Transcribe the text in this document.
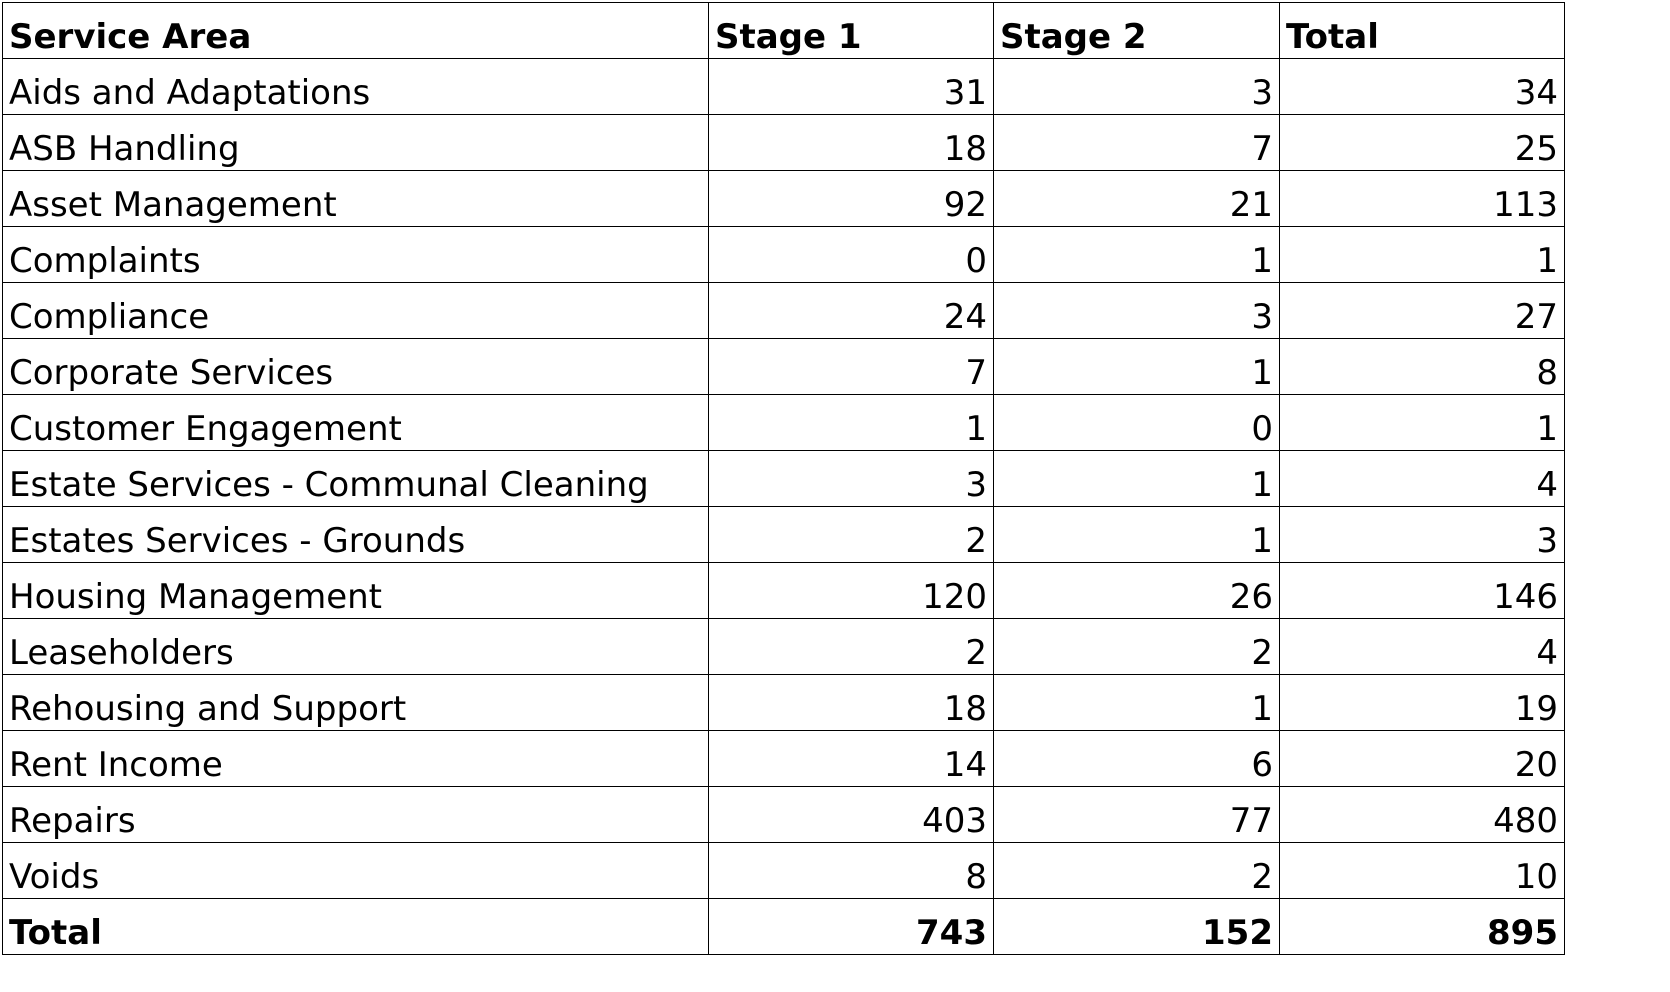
Service Area	Stage 1	Stage 2	Total
Aids and Adaptations	31	3	34
ASB Handling	18	7	25
Asset Management	92	21	113
Complaints	0	1	1
Compliance	24	3	27
Corporate Services	7	1	8
Customer Engagement	1	0	1
Estate Services - Communal Cleaning	3	1	4
Estates Services - Grounds	2	1	3
Housing Management	120	26	146
Leaseholders	2	2	4
Rehousing and Support	18	1	19
Rent Income	14	6	20
Repairs	403	77	480
Voids	8	2	10
Total	743	152	895
